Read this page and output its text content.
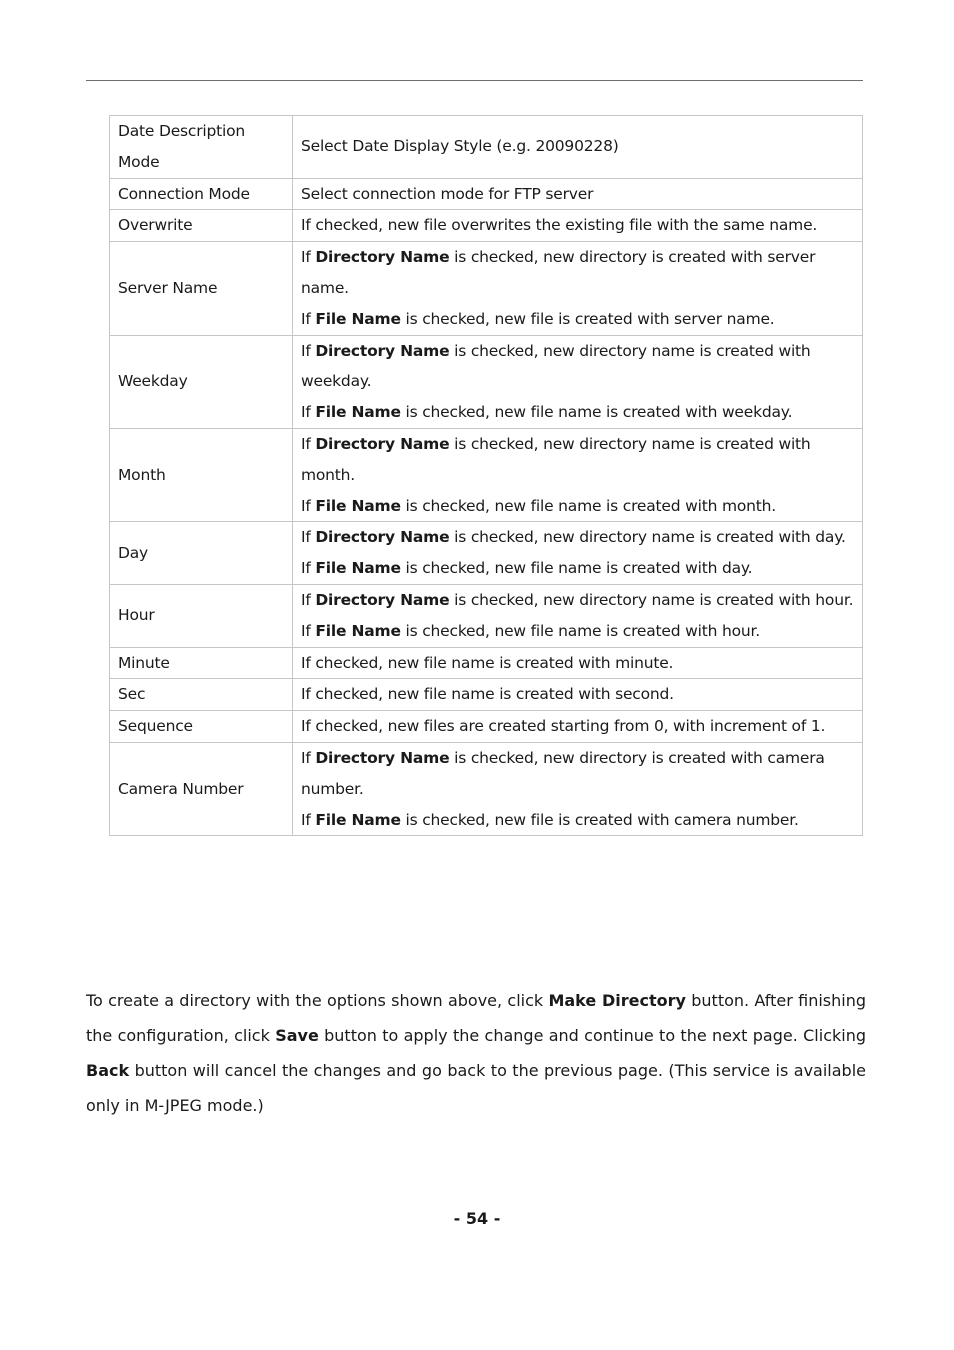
Date Description
Mode	Select Date Display Style (e.g. 20090228)
Connection Mode	Select connection mode for FTP server
Overwrite	If checked, new file overwrites the existing file with the same name.
Server Name	If Directory Name is checked, new directory is created with server name.
If File Name is checked, new file is created with server name.

Weekday	If Directory Name is checked, new directory name is created with weekday.
If File Name is checked, new file name is created with weekday.

Month	If Directory Name is checked, new directory name is created with month.
If File Name is checked, new file name is created with month.

Day	If Directory Name is checked, new directory name is created with day.
If File Name is checked, new file name is created with day.

Hour	If Directory Name is checked, new directory name is created with hour.
If File Name is checked, new file name is created with hour.

Minute	If checked, new file name is created with minute.
Sec	If checked, new file name is created with second.
Sequence	If checked, new files are created starting from 0, with increment of 1.
Camera Number	If Directory Name is checked, new directory is created with camera number.
If File Name is checked, new file is created with camera number.

To create a directory with the options shown above, click Make Directory button. After finishing the configuration, click Save button to apply the change and continue to the next page. Clicking Back button will cancel the changes and go back to the previous page. (This service is available only in M-JPEG mode.)

- 54 -
